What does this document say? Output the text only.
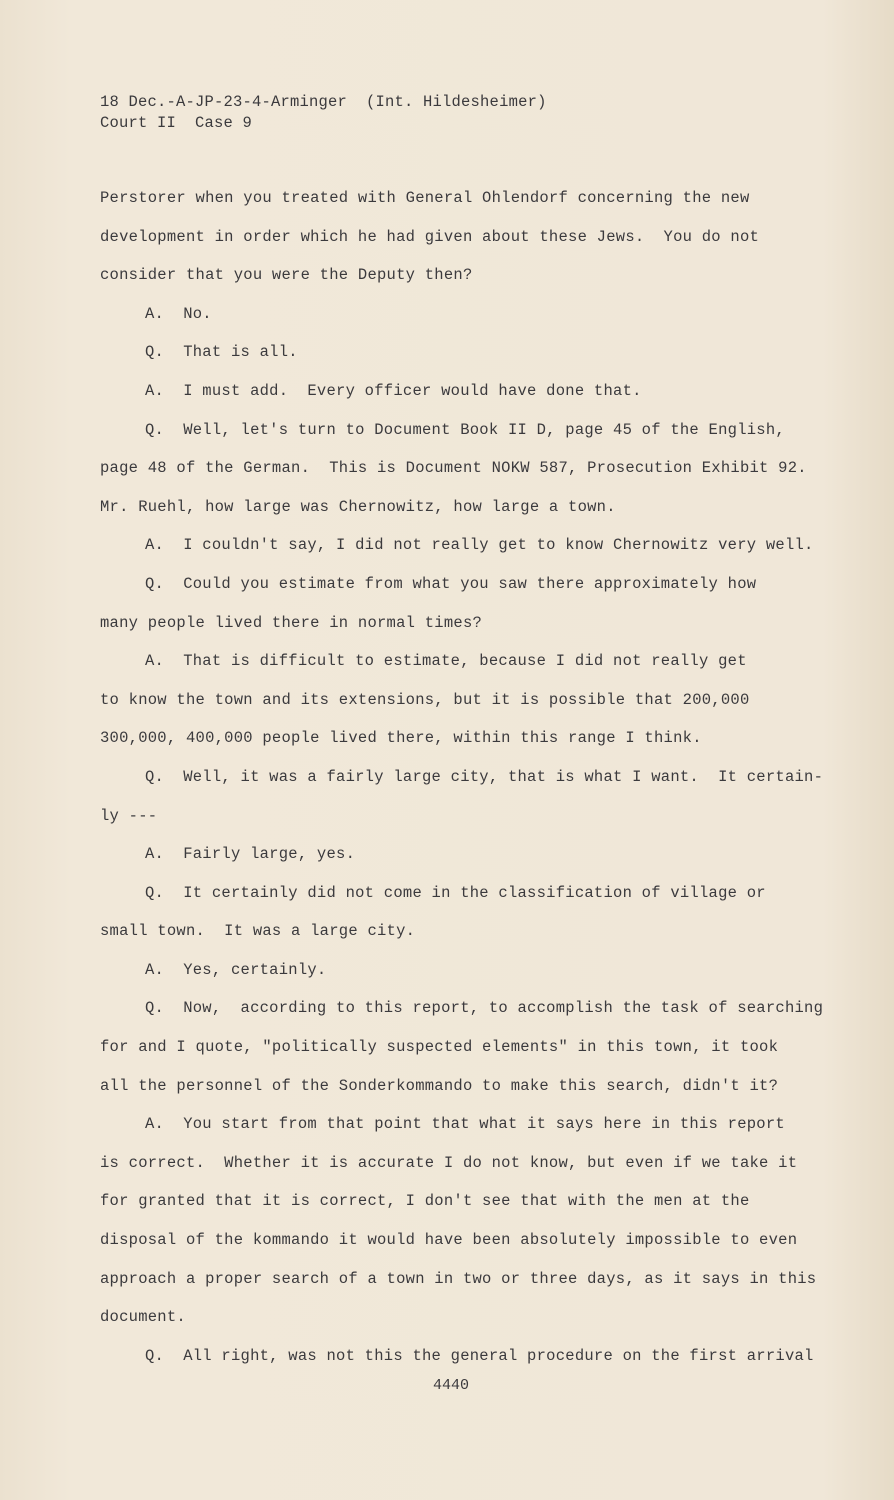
18 Dec.-A-JP-23-4-Arminger  (Int. Hildesheimer)
Court II  Case 9
Perstorer when you treated with General Ohlendorf concerning the new
development in order which he had given about these Jews.  You do not
consider that you were the Deputy then?
A.  No.
Q.  That is all.
A.  I must add.  Every officer would have done that.
Q.  Well, let's turn to Document Book II D, page 45 of the English,
page 48 of the German.  This is Document NOKW 587, Prosecution Exhibit 92.
Mr. Ruehl, how large was Chernowitz, how large a town.
A.  I couldn't say, I did not really get to know Chernowitz very well.
Q.  Could you estimate from what you saw there approximately how
many people lived there in normal times?
A.  That is difficult to estimate, because I did not really get
to know the town and its extensions, but it is possible that 200,000
300,000, 400,000 people lived there, within this range I think.
Q.  Well, it was a fairly large city, that is what I want.  It certain-
ly ---
A.  Fairly large, yes.
Q.  It certainly did not come in the classification of village or
small town.  It was a large city.
A.  Yes, certainly.
Q.  Now,  according to this report, to accomplish the task of searching
for and I quote, "politically suspected elements" in this town, it took
all the personnel of the Sonderkommando to make this search, didn't it?
A.  You start from that point that what it says here in this report
is correct.  Whether it is accurate I do not know, but even if we take it
for granted that it is correct, I don't see that with the men at the
disposal of the kommando it would have been absolutely impossible to even
approach a proper search of a town in two or three days, as it says in this
document.
Q.  All right, was not this the general procedure on the first arrival
4440
